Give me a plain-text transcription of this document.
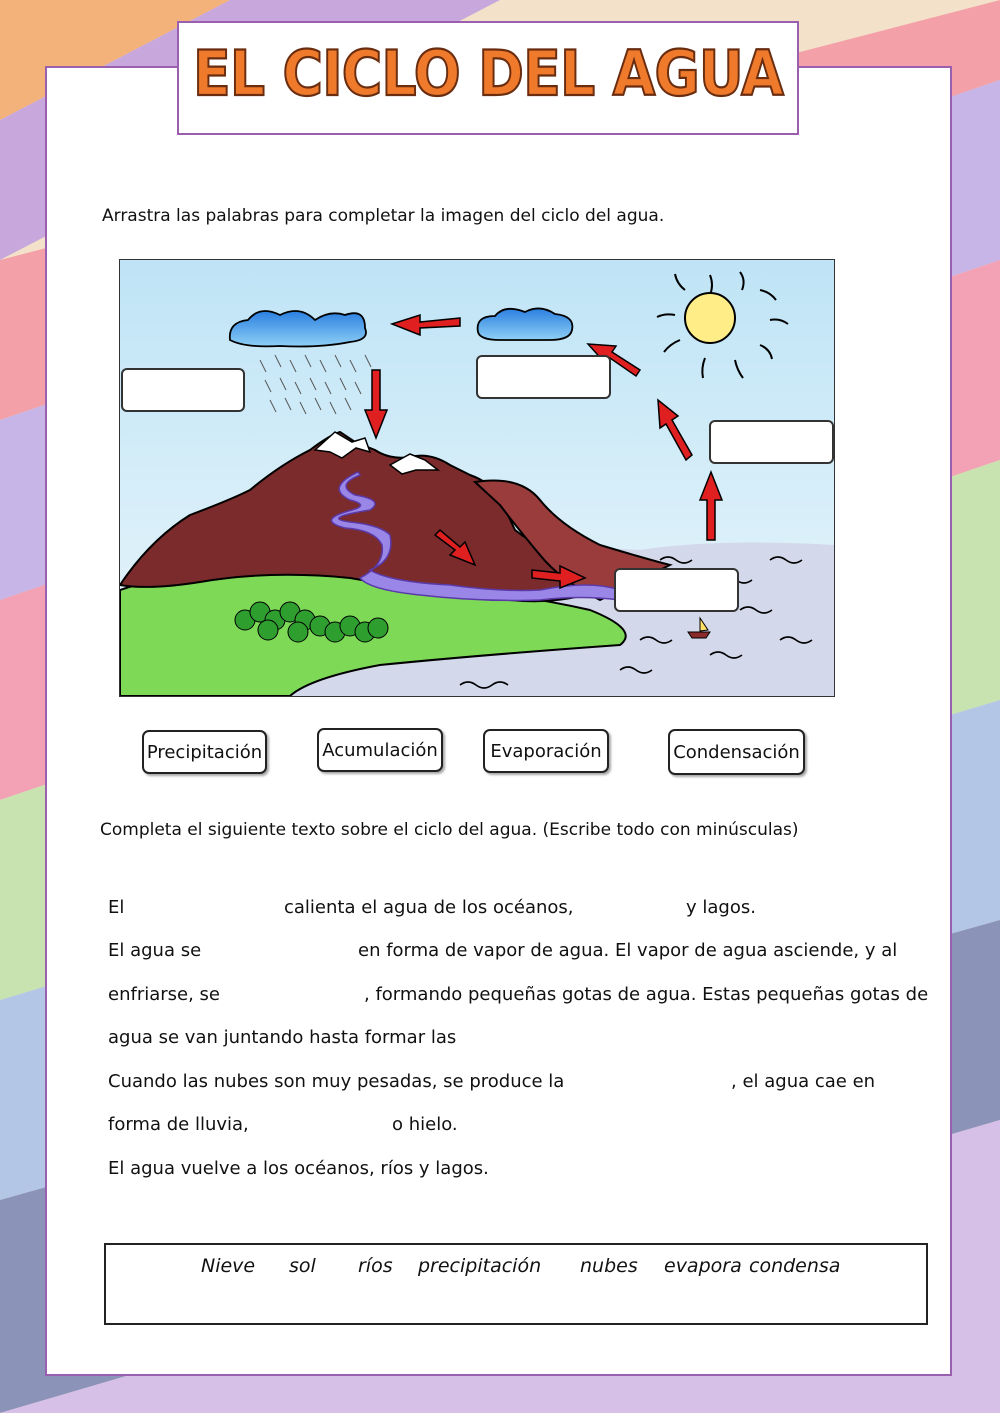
EL CICLO DEL AGUA
Arrastra las palabras para completar la imagen del ciclo del agua.
Precipitación	Acumulación	Evaporación	Condensación
Completa el siguiente texto sobre el ciclo del agua. (Escribe todo con minúsculas)
El	calienta el agua de los océanos,	y lagos.
El agua se	en forma de vapor de agua. El vapor de agua asciende, y al
enfriarse, se	, formando pequeñas gotas de agua. Estas pequeñas gotas de
agua se van juntando hasta formar las
Cuando las nubes son muy pesadas, se produce la	, el agua cae en
forma de lluvia,	o hielo.
El agua vuelve a los océanos, ríos y lagos.
Nieve sol ríos precipitación nubes evapora condensa
